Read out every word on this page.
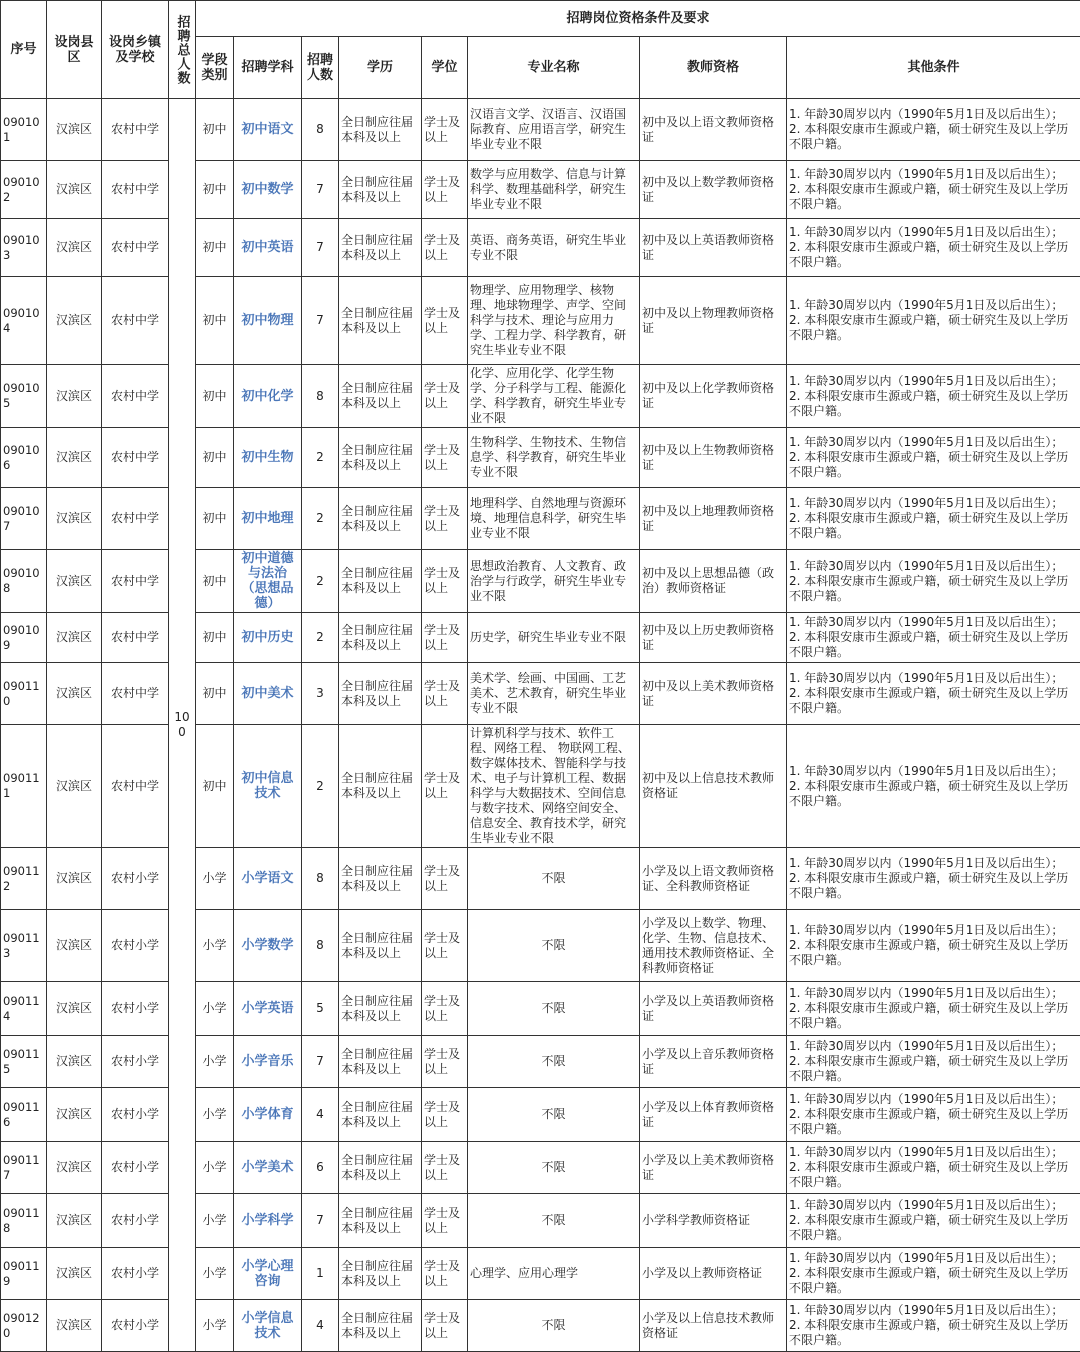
序号	设岗县区	设岗乡镇及学校	招聘总人数	招聘岗位资格条件及要求							
				学段类别	招聘学科	招聘人数	学历	学位	专业名称	教师资格	其他条件
090101	汉滨区	农村中学	100	初中	初中语文	8	全日制应往届本科及以上	学士及以上	汉语言文学、汉语言、汉语国际教育、应用语言学，研究生毕业专业不限	初中及以上语文教师资格证	1. 年龄30周岁以内（1990年5月1日及以后出生）；
2. 本科限安康市生源或户籍，硕士研究生及以上学历不限户籍。

090102	汉滨区	农村中学		初中	初中数学	7	全日制应往届本科及以上	学士及以上	数学与应用数学、信息与计算科学、数理基础科学，研究生毕业专业不限	初中及以上数学教师资格证	1. 年龄30周岁以内（1990年5月1日及以后出生）；
2. 本科限安康市生源或户籍，硕士研究生及以上学历不限户籍。

090103	汉滨区	农村中学		初中	初中英语	7	全日制应往届本科及以上	学士及以上	英语、商务英语，研究生毕业专业不限	初中及以上英语教师资格证	1. 年龄30周岁以内（1990年5月1日及以后出生）；
2. 本科限安康市生源或户籍，硕士研究生及以上学历不限户籍。

090104	汉滨区	农村中学		初中	初中物理	7	全日制应往届本科及以上	学士及以上	物理学、应用物理学、核物理、地球物理学、声学、空间科学与技术、理论与应用力学、工程力学、科学教育，研究生毕业专业不限	初中及以上物理教师资格证	1. 年龄30周岁以内（1990年5月1日及以后出生）；
2. 本科限安康市生源或户籍，硕士研究生及以上学历不限户籍。

090105	汉滨区	农村中学		初中	初中化学	8	全日制应往届本科及以上	学士及以上	化学、应用化学、化学生物学、分子科学与工程、能源化学、科学教育，研究生毕业专业不限	初中及以上化学教师资格证	1. 年龄30周岁以内（1990年5月1日及以后出生）；
2. 本科限安康市生源或户籍，硕士研究生及以上学历不限户籍。

090106	汉滨区	农村中学		初中	初中生物	2	全日制应往届本科及以上	学士及以上	生物科学、生物技术、生物信息学、科学教育，研究生毕业专业不限	初中及以上生物教师资格证	1. 年龄30周岁以内（1990年5月1日及以后出生）；
2. 本科限安康市生源或户籍，硕士研究生及以上学历不限户籍。

090107	汉滨区	农村中学		初中	初中地理	2	全日制应往届本科及以上	学士及以上	地理科学、自然地理与资源环境、地理信息科学，研究生毕业专业不限	初中及以上地理教师资格证	1. 年龄30周岁以内（1990年5月1日及以后出生）；
2. 本科限安康市生源或户籍，硕士研究生及以上学历不限户籍。

090108	汉滨区	农村中学		初中	初中道德与法治（思想品德）	2	全日制应往届本科及以上	学士及以上	思想政治教育、人文教育、政治学与行政学，研究生毕业专业不限	初中及以上思想品德（政治）教师资格证	1. 年龄30周岁以内（1990年5月1日及以后出生）；
2. 本科限安康市生源或户籍，硕士研究生及以上学历不限户籍。

090109	汉滨区	农村中学		初中	初中历史	2	全日制应往届本科及以上	学士及以上	历史学，研究生毕业专业不限	初中及以上历史教师资格证	1. 年龄30周岁以内（1990年5月1日及以后出生）；
2. 本科限安康市生源或户籍，硕士研究生及以上学历不限户籍。

090110	汉滨区	农村中学		初中	初中美术	3	全日制应往届本科及以上	学士及以上	美术学、绘画、中国画、工艺美术、艺术教育，研究生毕业专业不限	初中及以上美术教师资格证	1. 年龄30周岁以内（1990年5月1日及以后出生）；
2. 本科限安康市生源或户籍，硕士研究生及以上学历不限户籍。

090111	汉滨区	农村中学		初中	初中信息技术	2	全日制应往届本科及以上	学士及以上	计算机科学与技术、软件工程、网络工程、 物联网工程、数字媒体技术、智能科学与技术、电子与计算机工程、数据科学与大数据技术、空间信息与数字技术、网络空间安全、信息安全、教育技术学，研究生毕业专业不限	初中及以上信息技术教师资格证	1. 年龄30周岁以内（1990年5月1日及以后出生）；
2. 本科限安康市生源或户籍，硕士研究生及以上学历不限户籍。

090112	汉滨区	农村小学		小学	小学语文	8	全日制应往届本科及以上	学士及以上	不限	小学及以上语文教师资格证、全科教师资格证	1. 年龄30周岁以内（1990年5月1日及以后出生）；
2. 本科限安康市生源或户籍，硕士研究生及以上学历不限户籍。

090113	汉滨区	农村小学		小学	小学数学	8	全日制应往届本科及以上	学士及以上	不限	小学及以上数学、物理、化学、生物、信息技术、通用技术教师资格证、全科教师资格证	1. 年龄30周岁以内（1990年5月1日及以后出生）；
2. 本科限安康市生源或户籍，硕士研究生及以上学历不限户籍。

090114	汉滨区	农村小学		小学	小学英语	5	全日制应往届本科及以上	学士及以上	不限	小学及以上英语教师资格证	1. 年龄30周岁以内（1990年5月1日及以后出生）；
2. 本科限安康市生源或户籍，硕士研究生及以上学历不限户籍。

090115	汉滨区	农村小学		小学	小学音乐	7	全日制应往届本科及以上	学士及以上	不限	小学及以上音乐教师资格证	1. 年龄30周岁以内（1990年5月1日及以后出生）；
2. 本科限安康市生源或户籍，硕士研究生及以上学历不限户籍。

090116	汉滨区	农村小学		小学	小学体育	4	全日制应往届本科及以上	学士及以上	不限	小学及以上体育教师资格证	1. 年龄30周岁以内（1990年5月1日及以后出生）；
2. 本科限安康市生源或户籍，硕士研究生及以上学历不限户籍。

090117	汉滨区	农村小学		小学	小学美术	6	全日制应往届本科及以上	学士及以上	不限	小学及以上美术教师资格证	1. 年龄30周岁以内（1990年5月1日及以后出生）；
2. 本科限安康市生源或户籍，硕士研究生及以上学历不限户籍。

090118	汉滨区	农村小学		小学	小学科学	7	全日制应往届本科及以上	学士及以上	不限	小学科学教师资格证	1. 年龄30周岁以内（1990年5月1日及以后出生）；
2. 本科限安康市生源或户籍，硕士研究生及以上学历不限户籍。

090119	汉滨区	农村小学		小学	小学心理咨询	1	全日制应往届本科及以上	学士及以上	心理学、应用心理学	小学及以上教师资格证	1. 年龄30周岁以内（1990年5月1日及以后出生）；
2. 本科限安康市生源或户籍，硕士研究生及以上学历不限户籍。

090120	汉滨区	农村小学		小学	小学信息技术	4	全日制应往届本科及以上	学士及以上	不限	小学及以上信息技术教师资格证	1. 年龄30周岁以内（1990年5月1日及以后出生）；
2. 本科限安康市生源或户籍，硕士研究生及以上学历不限户籍。
